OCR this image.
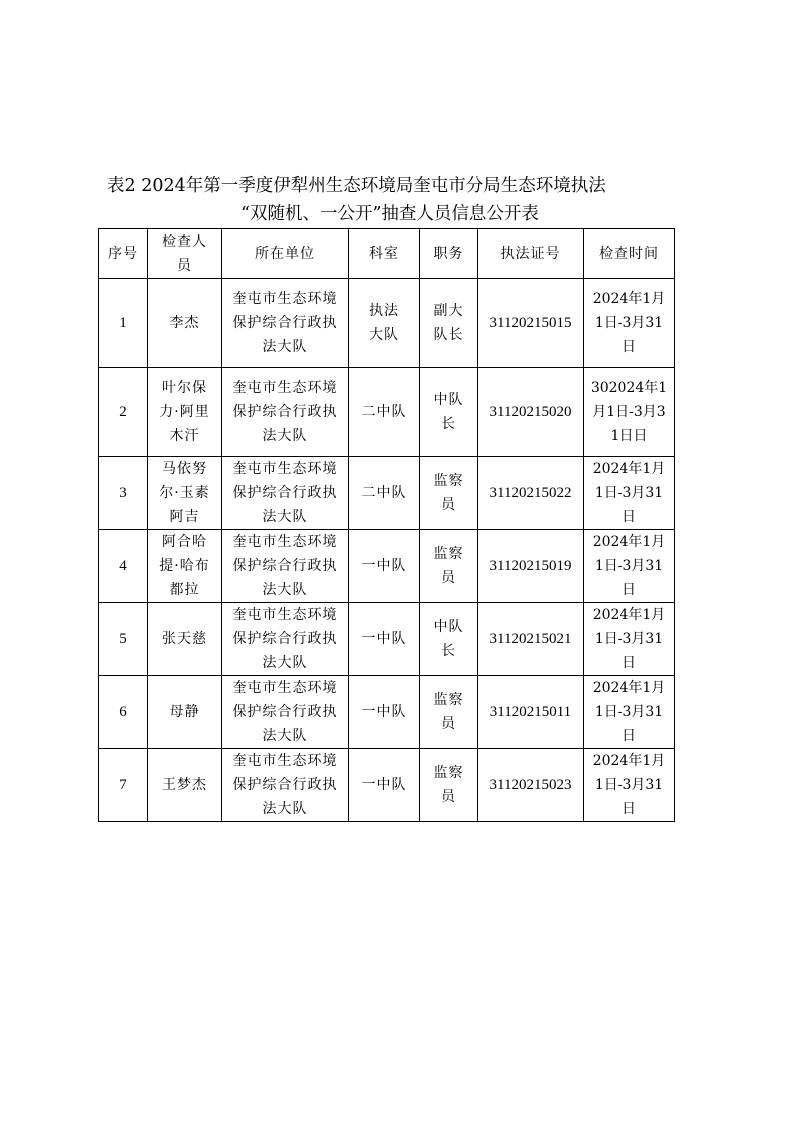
表2 2024年第一季度伊犁州生态环境局奎屯市分局生态环境执法
“双随机、一公开”抽查人员信息公开表
序号	检查人员	所在单位	科室	职务	执法证号	检查时间

1	李杰	奎屯市生态环境保护综合行政执法大队	执法大队	副大队长	31120215015	2024年1月1日-3月31日

2	叶尔保力·阿里木汗	奎屯市生态环境保护综合行政执法大队	二中队	中队长	31120215020	302024年1月1日-3月31日日

3	马依努尔·玉素阿吉	奎屯市生态环境保护综合行政执法大队	二中队	监察员	31120215022	2024年1月1日-3月31日

4	阿合哈提·哈布都拉	奎屯市生态环境保护综合行政执法大队	一中队	监察员	31120215019	2024年1月1日-3月31日

5	张天慈	奎屯市生态环境保护综合行政执法大队	一中队	中队长	31120215021	2024年1月1日-3月31日

6	母静	奎屯市生态环境保护综合行政执法大队	一中队	监察员	31120215011	2024年1月1日-3月31日

7	王梦杰	奎屯市生态环境保护综合行政执法大队	一中队	监察员	31120215023	2024年1月1日-3月31日
